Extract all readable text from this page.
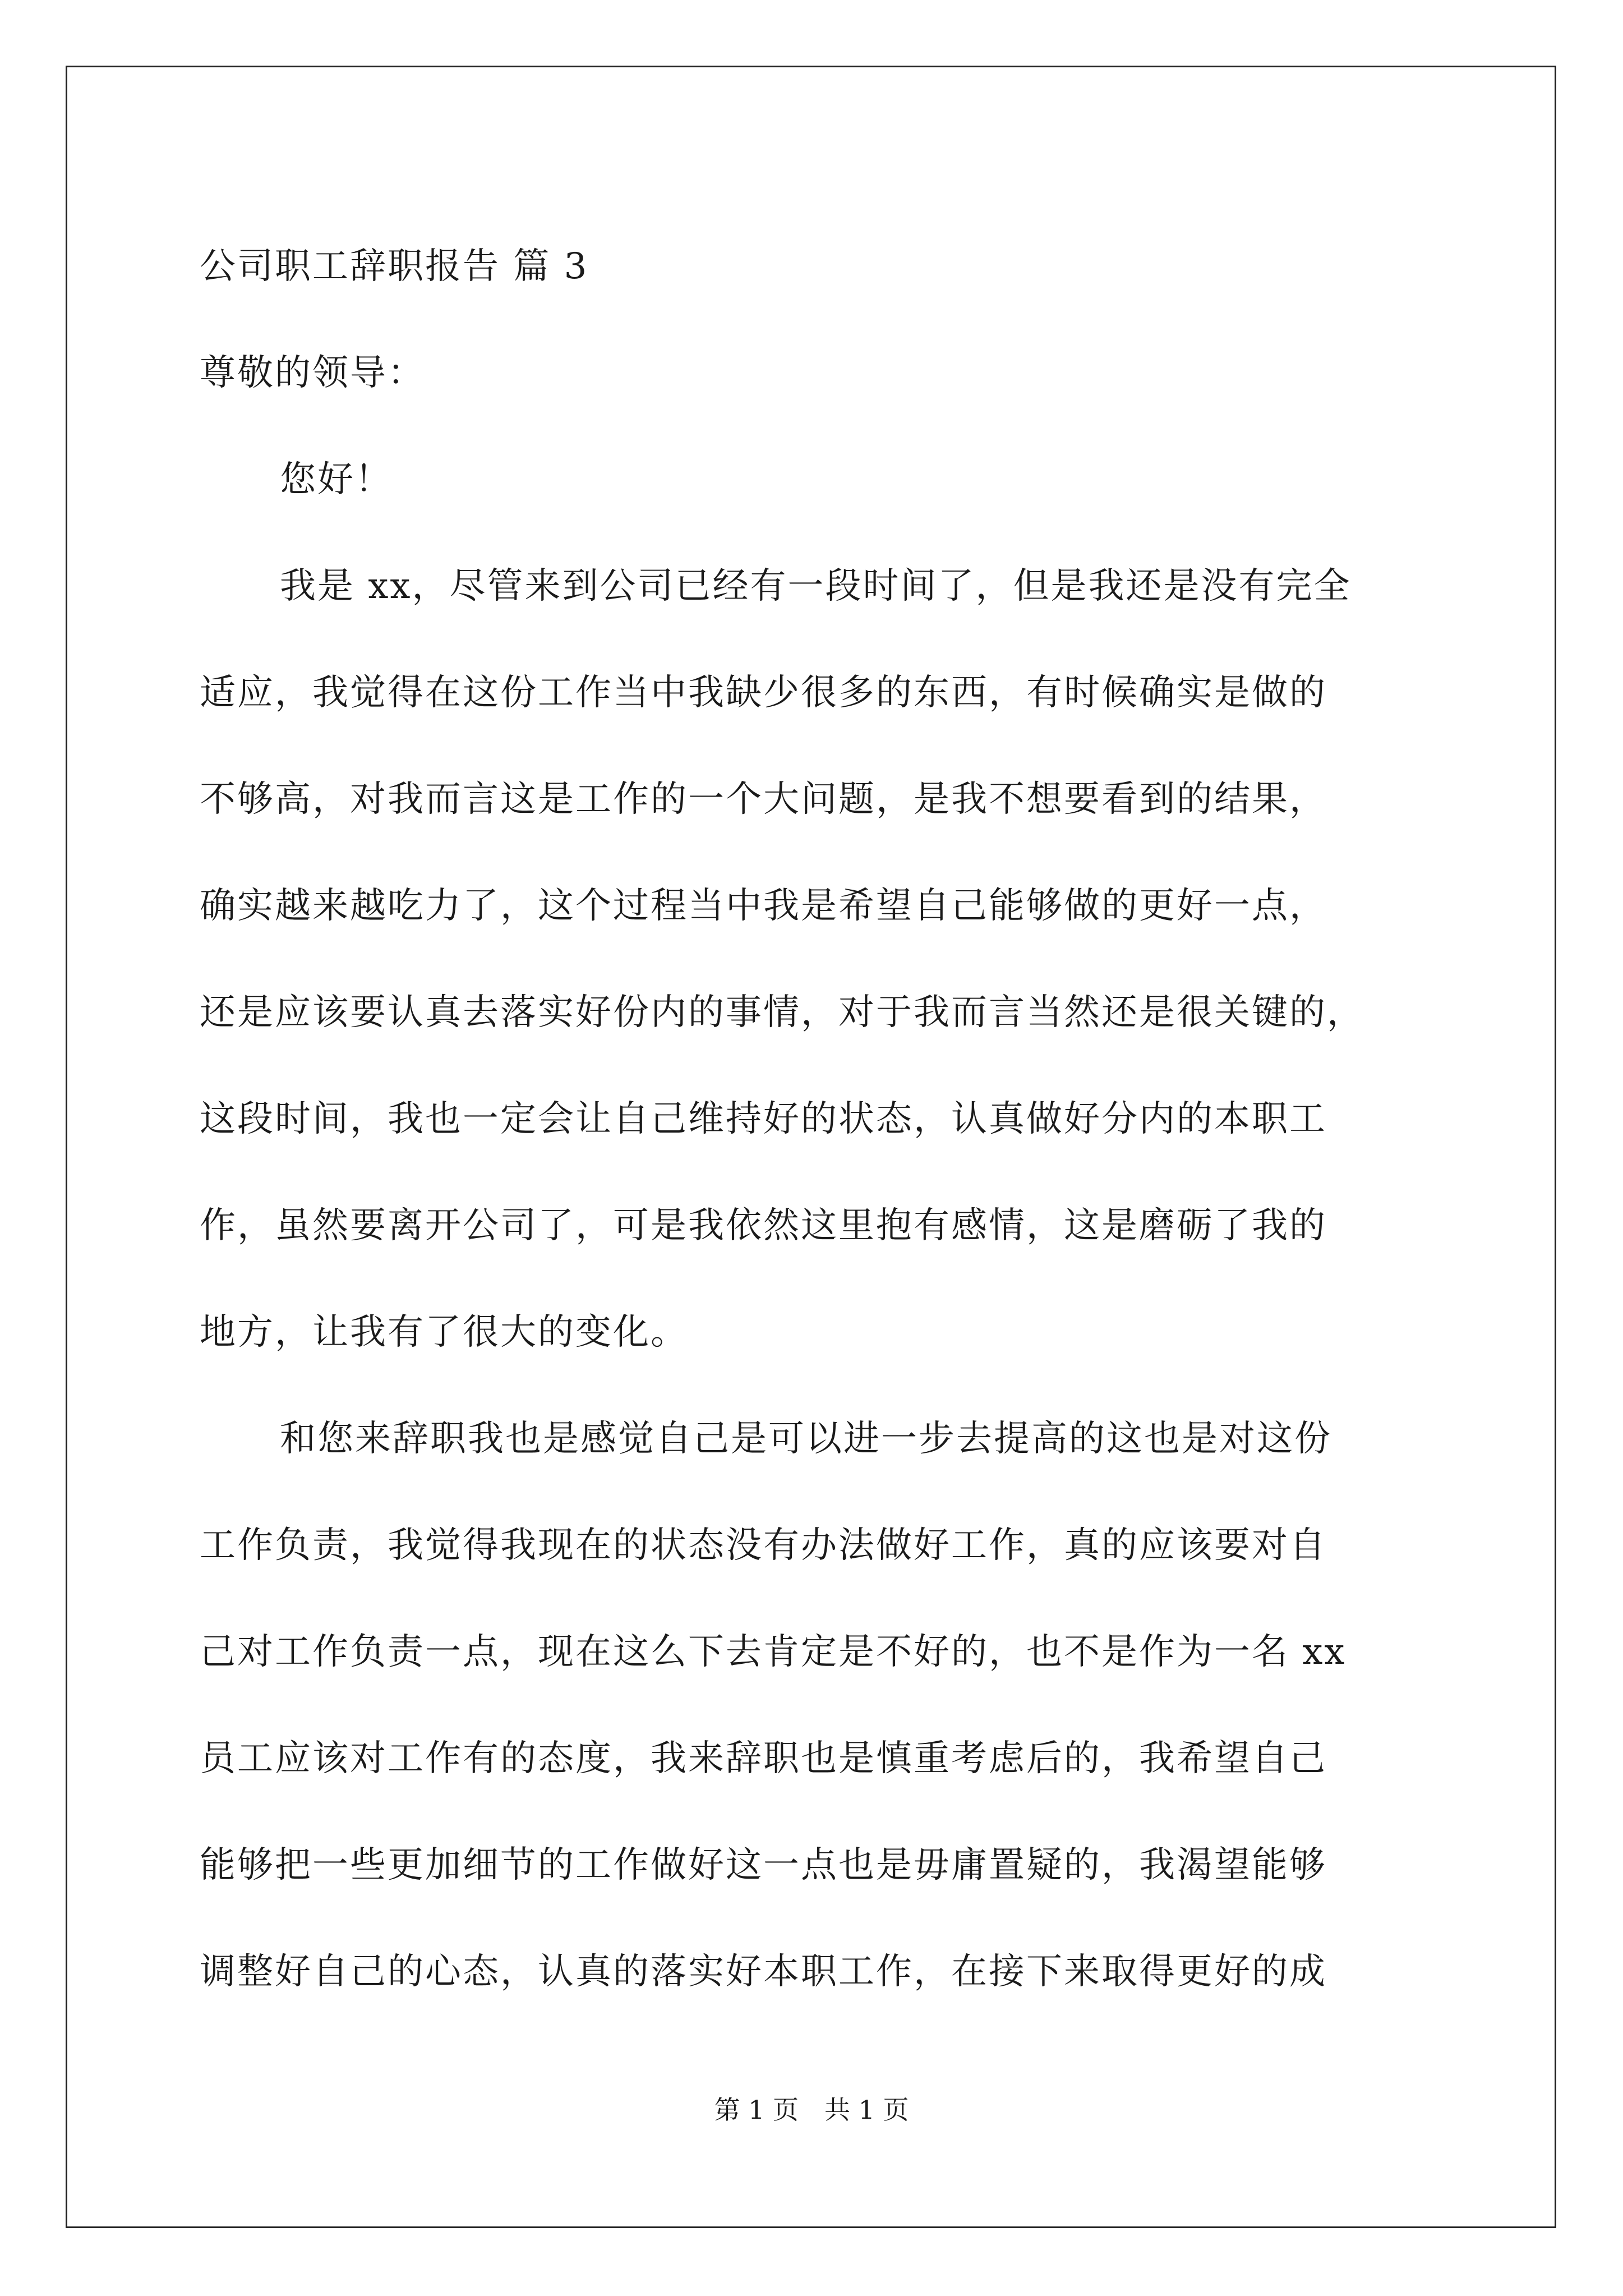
公司职工辞职报告 篇 3
尊敬的领导：
您好！
我是 xx，尽管来到公司已经有一段时间了，但是我还是没有完全
适应，我觉得在这份工作当中我缺少很多的东西，有时候确实是做的
不够高，对我而言这是工作的一个大问题，是我不想要看到的结果，
确实越来越吃力了，这个过程当中我是希望自己能够做的更好一点，
还是应该要认真去落实好份内的事情，对于我而言当然还是很关键的，
这段时间，我也一定会让自己维持好的状态，认真做好分内的本职工
作，虽然要离开公司了，可是我依然这里抱有感情，这是磨砺了我的
地方，让我有了很大的变化。
和您来辞职我也是感觉自己是可以进一步去提高的这也是对这份
工作负责，我觉得我现在的状态没有办法做好工作，真的应该要对自
己对工作负责一点，现在这么下去肯定是不好的，也不是作为一名 xx
员工应该对工作有的态度，我来辞职也是慎重考虑后的，我希望自己
能够把一些更加细节的工作做好这一点也是毋庸置疑的，我渴望能够
调整好自己的心态，认真的落实好本职工作，在接下来取得更好的成
第 1 页　共 1 页
